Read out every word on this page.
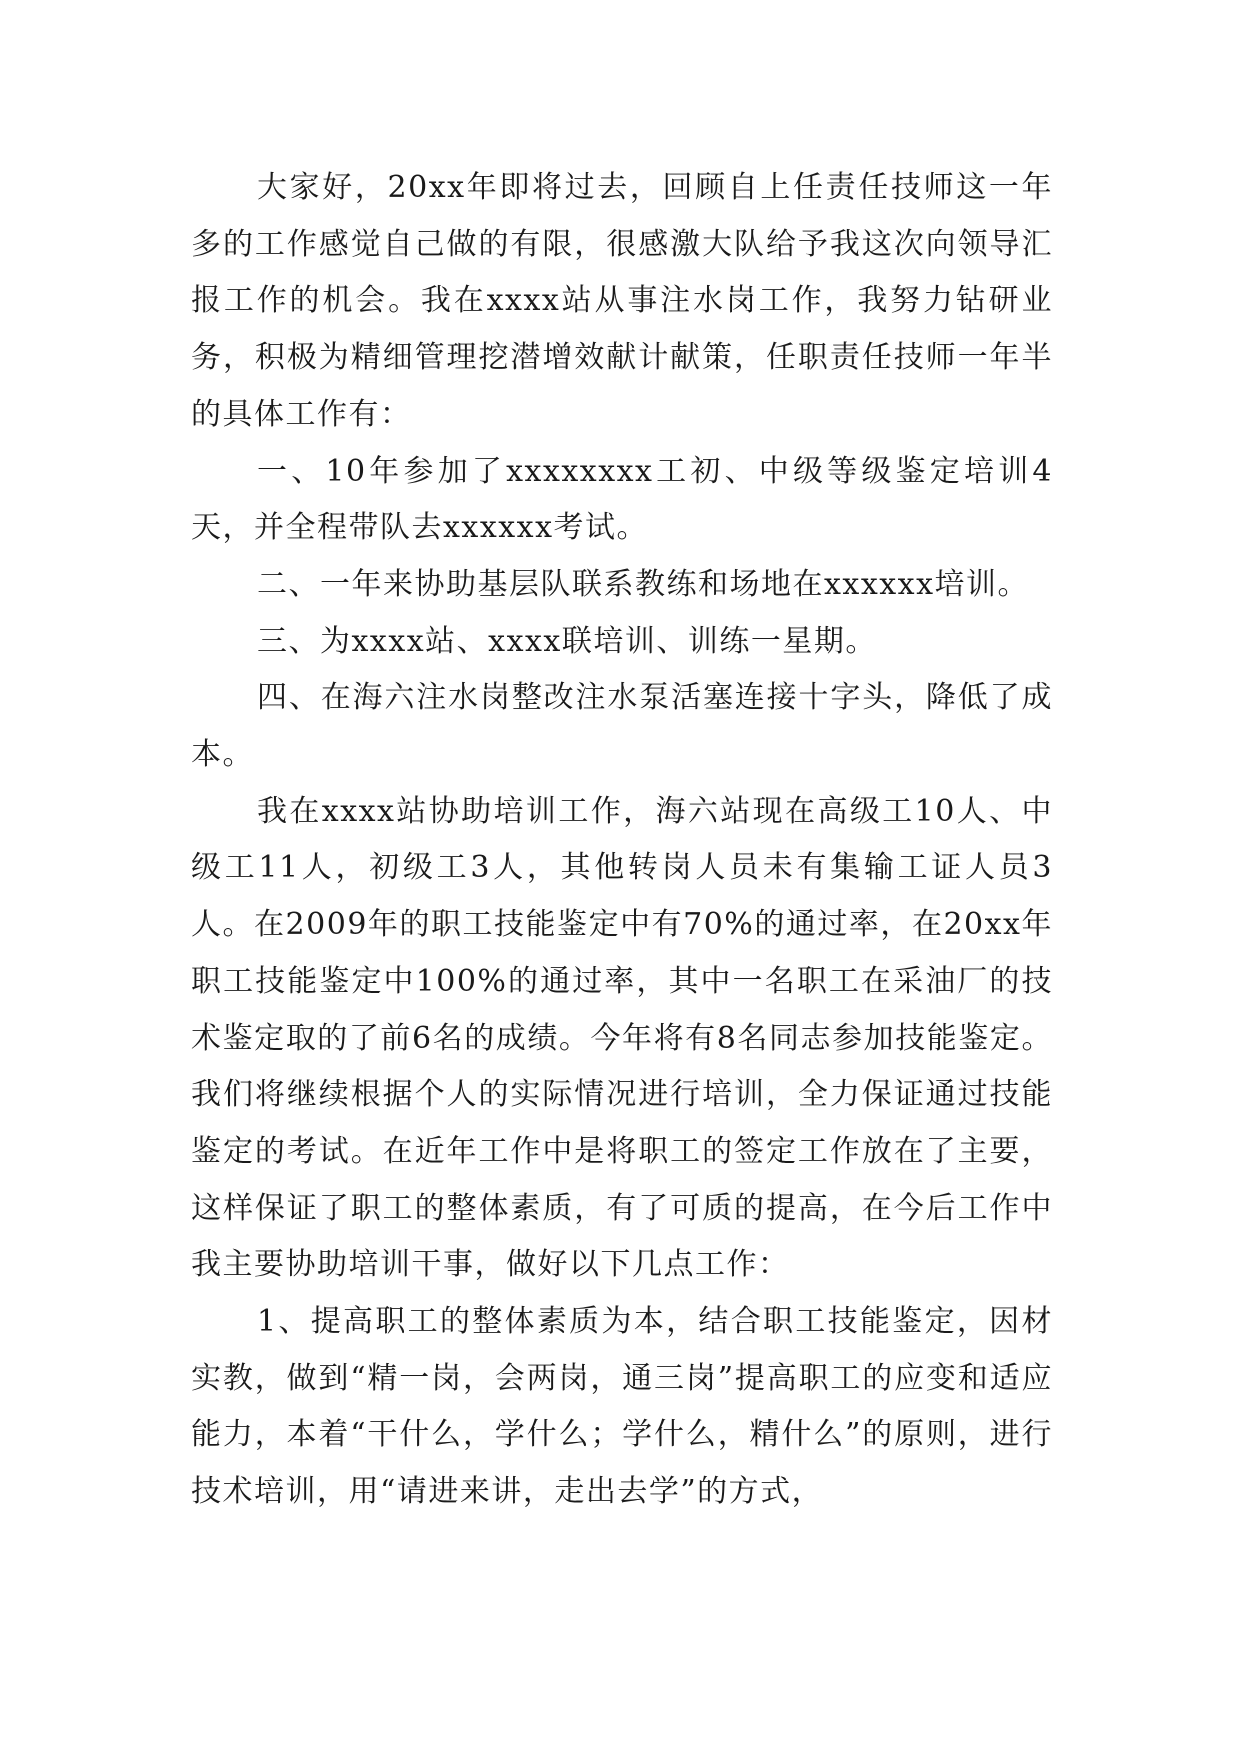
大家好，20xx年即将过去，回顾自上任责任技师这一年多的工作感觉自己做的有限，很感激大队给予我这次向领导汇报工作的机会。我在xxxx站从事注水岗工作，我努力钻研业务，积极为精细管理挖潜增效献计献策，任职责任技师一年半的具体工作有：

一、10年参加了xxxxxxxx工初、中级等级鉴定培训4天，并全程带队去xxxxxx考试。

二、一年来协助基层队联系教练和场地在xxxxxx培训。

三、为xxxx站、xxxx联培训、训练一星期。

四、在海六注水岗整改注水泵活塞连接十字头，降低了成本。

我在xxxx站协助培训工作，海六站现在高级工10人、中级工11人，初级工3人，其他转岗人员未有集输工证人员3人。在2009年的职工技能鉴定中有70%的通过率，在20xx年职工技能鉴定中100%的通过率，其中一名职工在采油厂的技术鉴定取的了前6名的成绩。今年将有8名同志参加技能鉴定。我们将继续根据个人的实际情况进行培训，全力保证通过技能鉴定的考试。在近年工作中是将职工的签定工作放在了主要，这样保证了职工的整体素质，有了可质的提高，在今后工作中我主要协助培训干事，做好以下几点工作：

1、提高职工的整体素质为本，结合职工技能鉴定，因材实教，做到“精一岗，会两岗，通三岗”提高职工的应变和适应能力，本着“干什么，学什么；学什么，精什么”的原则，进行技术培训，用“请进来讲，走出去学”的方式，
